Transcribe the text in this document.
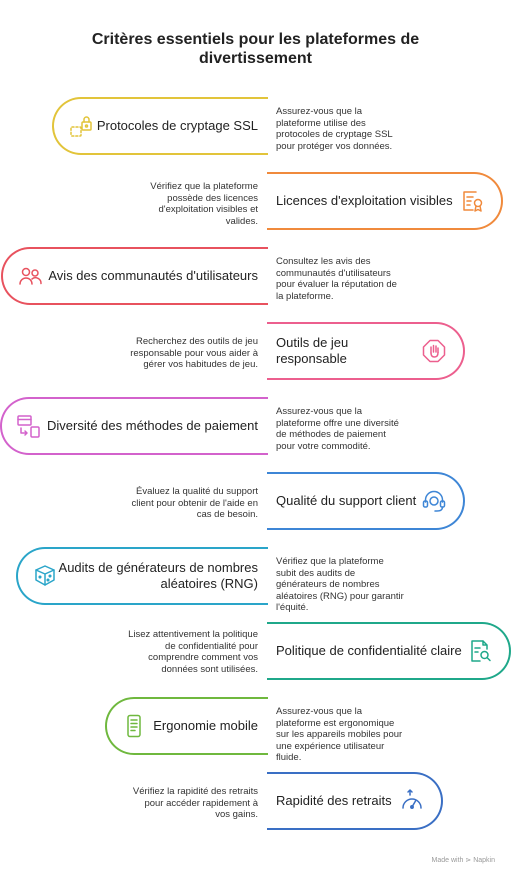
Critères essentiels pour les plateformes de
divertissement
Protocoles de cryptage SSL
Assurez-vous que la plateforme utilise des protocoles de cryptage SSL pour protéger vos données.
Licences d'exploitation visibles
Vérifiez que la plateforme possède des licences d'exploitation visibles et valides.
Avis des communautés d'utilisateurs
Consultez les avis des communautés d'utilisateurs pour évaluer la réputation de la plateforme.
Outils de jeu responsable
Recherchez des outils de jeu responsable pour vous aider à gérer vos habitudes de jeu.
Diversité des méthodes de paiement
Assurez-vous que la plateforme offre une diversité de méthodes de paiement pour votre commodité.
Qualité du support client
Évaluez la qualité du support client pour obtenir de l'aide en cas de besoin.
Audits de générateurs de nombres
aléatoires (RNG)
Vérifiez que la plateforme subit des audits de générateurs de nombres aléatoires (RNG) pour garantir l'équité.
Politique de confidentialité claire
Lisez attentivement la politique de confidentialité pour comprendre comment vos données sont utilisées.
Ergonomie mobile
Assurez-vous que la plateforme est ergonomique sur les appareils mobiles pour une expérience utilisateur fluide.
Rapidité des retraits
Vérifiez la rapidité des retraits pour accéder rapidement à vos gains.
Made with ⋗ Napkin
